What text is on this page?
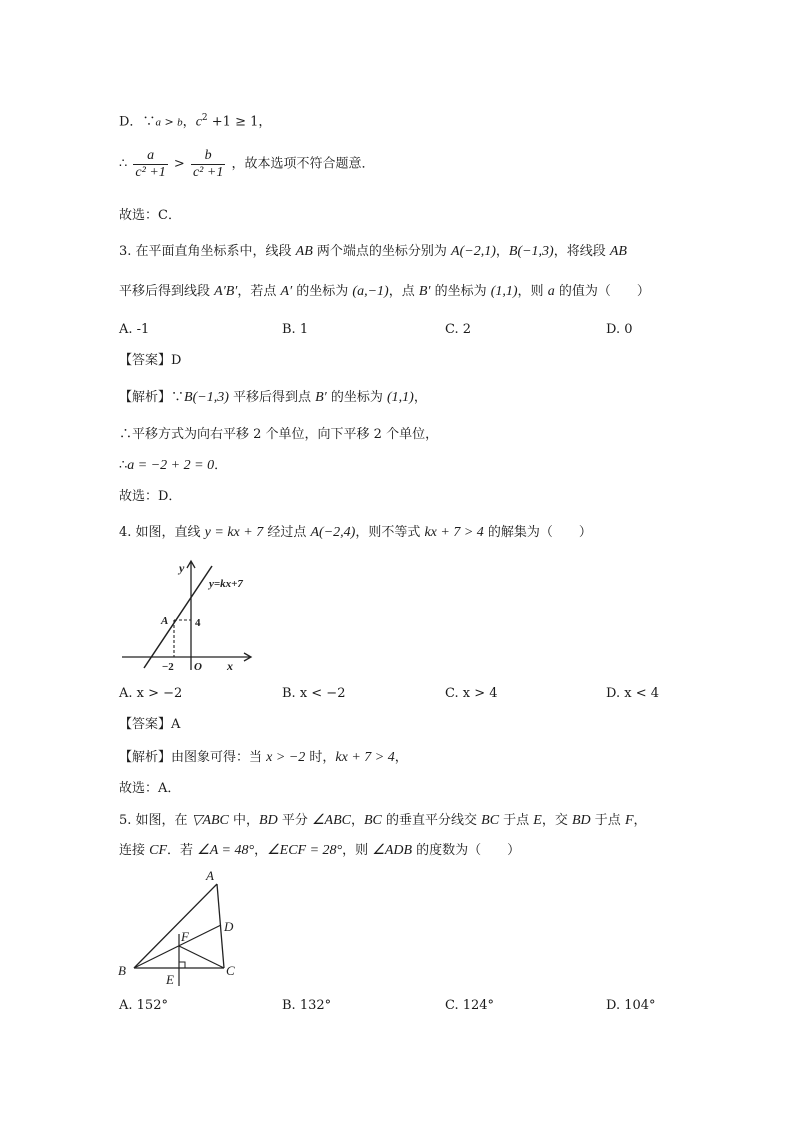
D．∵a > b，$c^2 +1 \ge 1$，
∴ $\frac{a}{\text{c² +1}} > \frac{b}{\text{c² +1}}$ ，故本选项不符合题意．
故选：C．
3. 在平面直角坐标系中，线段 AB 两个端点的坐标分别为 A(−2,1)，B(−1,3)，将线段 AB
平移后得到线段 A′B′，若点 A′ 的坐标为 (a,−1)，点 B′ 的坐标为 (1,1)，则 a 的值为（　　）
A. -1	B. 1	C. 2	D. 0
【答案】D
【解析】∵B(−1,3) 平移后得到点 B′ 的坐标为 (1,1)，
∴平移方式为向右平移 2 个单位，向下平移 2 个单位，
∴a = −2 + 2 = 0．
故选：D．
4. 如图，直线 y = kx + 7 经过点 A(−2,4)，则不等式 kx + 7 > 4 的解集为（　　）
y
x
y=kx+7
A 4
−2 O
A. x > −2	B. x < −2	C. x > 4	D. x < 4
【答案】A
【解析】由图象可得：当 x > −2 时，kx + 7 > 4，
故选：A．
5. 如图，在 ▽ABC 中，BD 平分 ∠ABC，BC 的垂直平分线交 BC 于点 E，交 BD 于点 F，
连接 CF．若 ∠A = 48°，∠ECF = 28°，则 ∠ADB 的度数为（　　）
A
B	C
D
E
F
A. 152°	B. 132°	C. 124°	D. 104°
